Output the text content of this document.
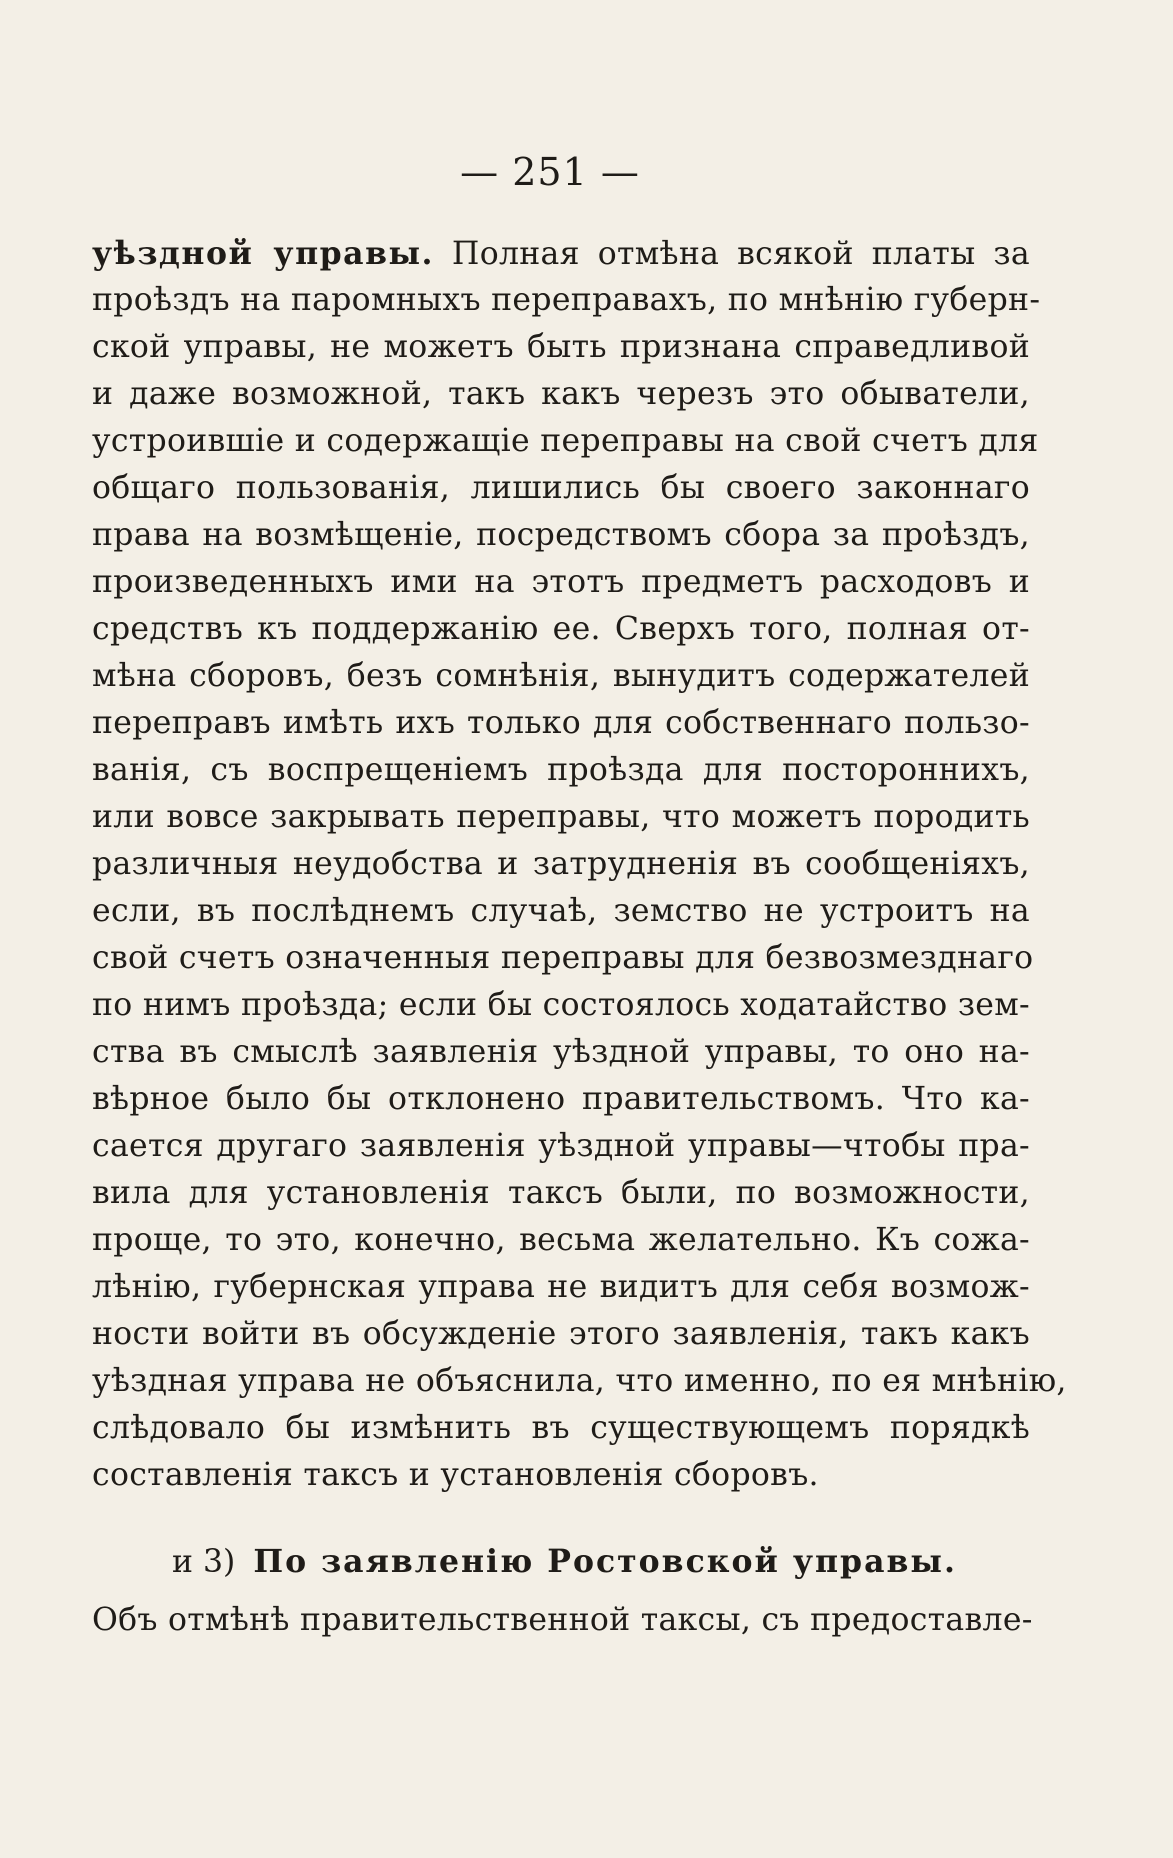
— 251 —
уѣздной управы. Полная отмѣна всякой платы за
проѣздъ на паромныхъ переправахъ, по мнѣнію губерн-
ской управы, не можетъ быть признана справедливой
и даже возможной, такъ какъ черезъ это обыватели,
устроившіе и содержащіе переправы на свой счетъ для
общаго пользованія, лишились бы своего законнаго
права на возмѣщеніе, посредствомъ сбора за проѣздъ,
произведенныхъ ими на этотъ предметъ расходовъ и
средствъ къ поддержанію ее. Сверхъ того, полная от-
мѣна сборовъ, безъ сомнѣнія, вынудитъ содержателей
переправъ имѣть ихъ только для собственнаго пользо-
ванія, съ воспрещеніемъ проѣзда для постороннихъ,
или вовсе закрывать переправы, что можетъ породить
различныя неудобства и затрудненія въ сообщеніяхъ,
если, въ послѣднемъ случаѣ, земство не устроитъ на
свой счетъ означенныя переправы для безвозмезднаго
по нимъ проѣзда; если бы состоялось ходатайство зем-
ства въ смыслѣ заявленія уѣздной управы, то оно на-
вѣрное было бы отклонено правительствомъ. Что ка-
сается другаго заявленія уѣздной управы—чтобы пра-
вила для установленія таксъ были, по возможности,
проще, то это, конечно, весьма желательно. Къ сожа-
лѣнію, губернская управа не видитъ для себя возмож-
ности войти въ обсужденіе этого заявленія, такъ какъ
уѣздная управа не объяснила, что именно, по ея мнѣнію,
слѣдовало бы измѣнить въ существующемъ порядкѣ
составленія таксъ и установленія сборовъ.
и 3) По заявленію Ростовской управы.
Объ отмѣнѣ правительственной таксы, съ предоставле-
